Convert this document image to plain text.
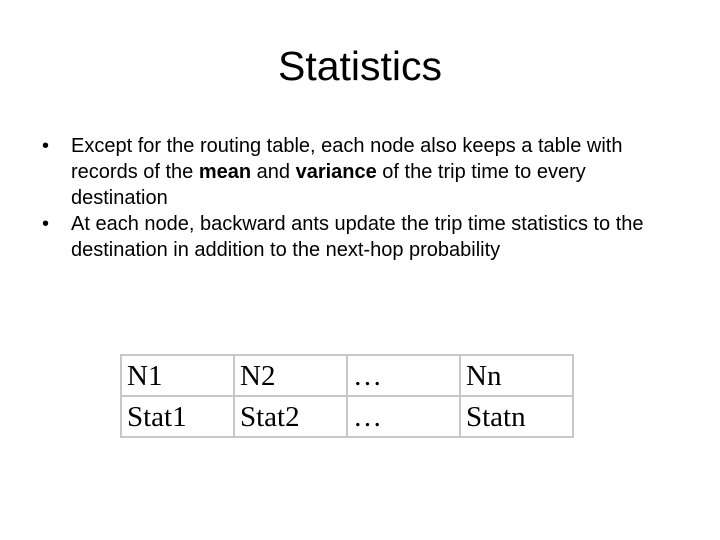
Statistics
• Except for the routing table, each node also keeps a table with records of the mean and variance of the trip time to every destination
• At each node, backward ants update the trip time statistics to the destination in addition to the next-hop probability
N1	N2	…	Nn
Stat1	Stat2	…	Statn
